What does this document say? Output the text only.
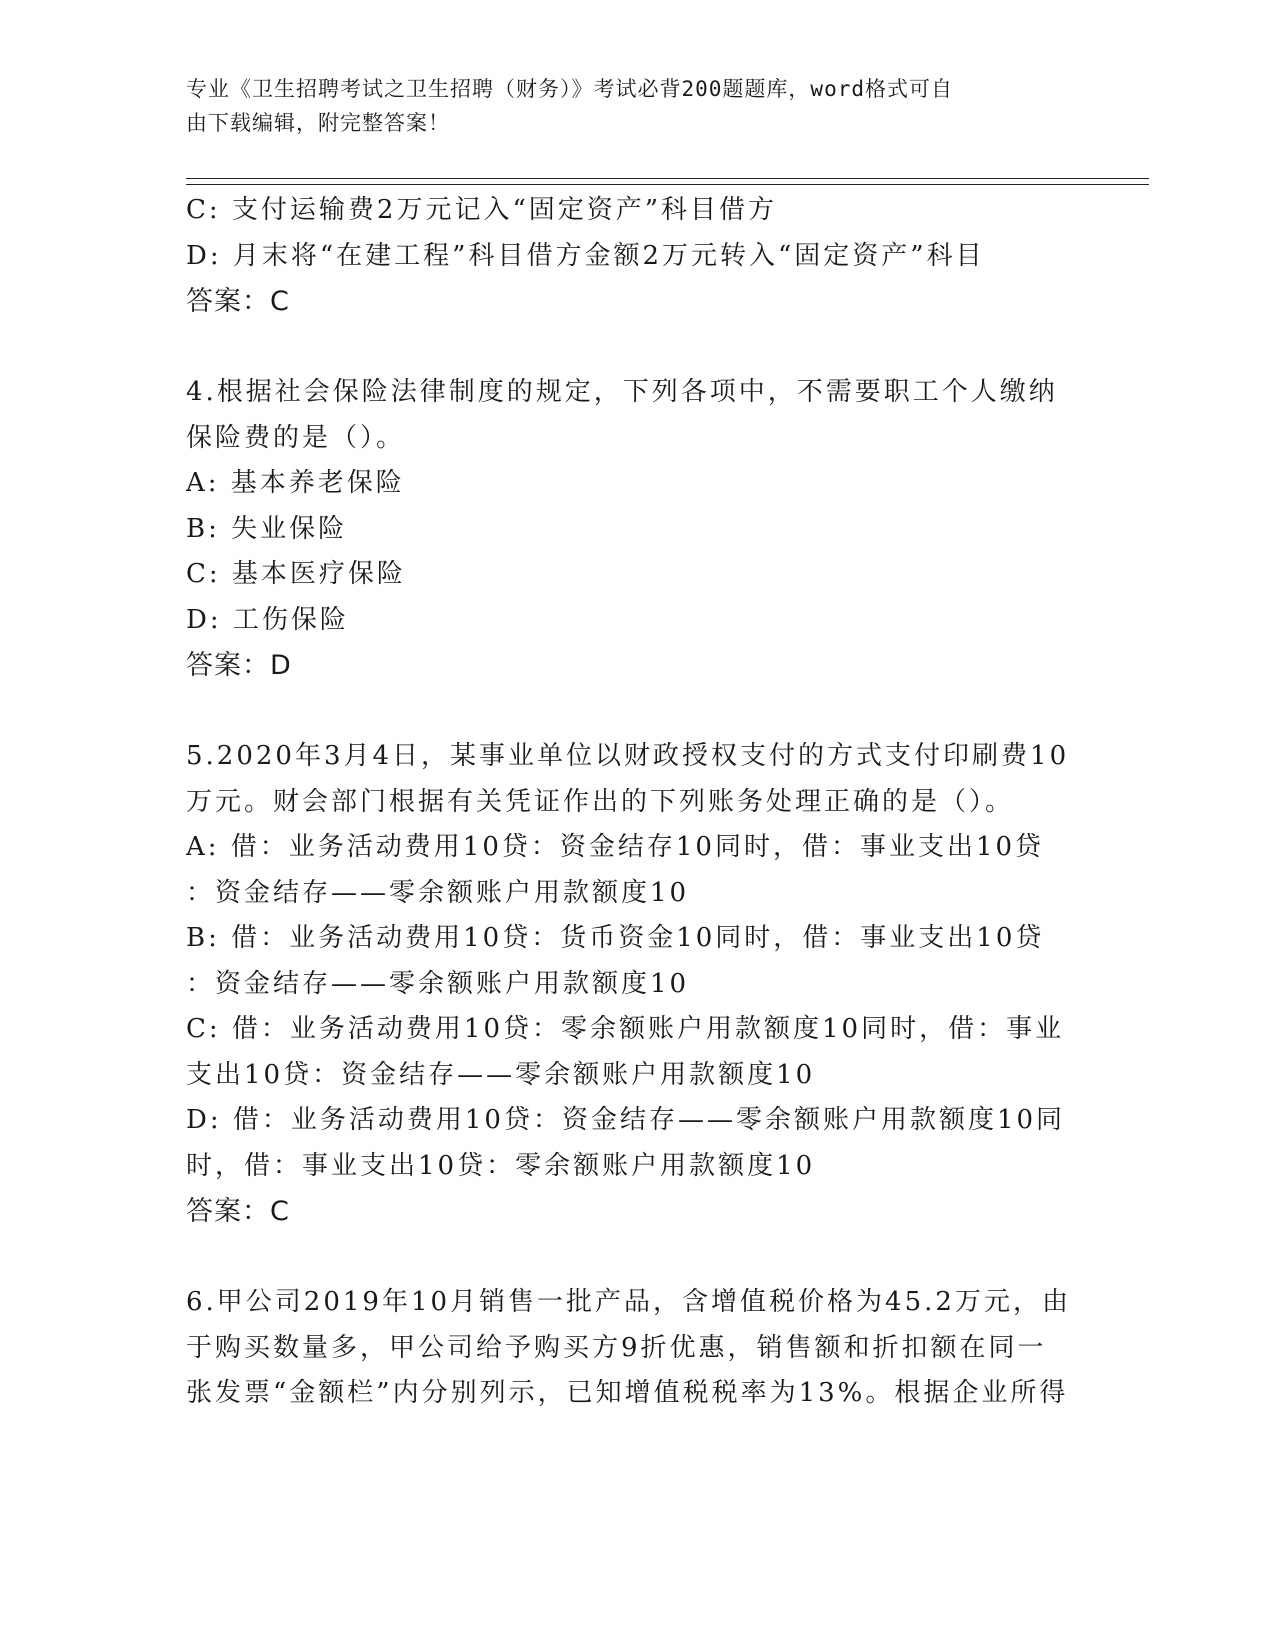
专业《卫生招聘考试之卫生招聘（财务）》考试必背200题题库，word格式可自
由下载编辑，附完整答案！
C: 支付运输费2万元记入“固定资产”科目借方
D: 月末将“在建工程”科目借方金额2万元转入“固定资产”科目
答案：C
4.根据社会保险法律制度的规定，下列各项中，不需要职工个人缴纳
保险费的是（）。
A: 基本养老保险
B: 失业保险
C: 基本医疗保险
D: 工伤保险
答案：D
5.2020年3月4日，某事业单位以财政授权支付的方式支付印刷费10
万元。财会部门根据有关凭证作出的下列账务处理正确的是（）。
A: 借：业务活动费用10贷：资金结存10同时，借：事业支出10贷
：资金结存——零余额账户用款额度10
B: 借：业务活动费用10贷：货币资金10同时，借：事业支出10贷
：资金结存——零余额账户用款额度10
C: 借：业务活动费用10贷：零余额账户用款额度10同时，借：事业
支出10贷：资金结存——零余额账户用款额度10
D: 借：业务活动费用10贷：资金结存——零余额账户用款额度10同
时，借：事业支出10贷：零余额账户用款额度10
答案：C
6.甲公司2019年10月销售一批产品，含增值税价格为45.2万元，由
于购买数量多，甲公司给予购买方9折优惠，销售额和折扣额在同一
张发票“金额栏”内分别列示，已知增值税税率为13%。根据企业所得
